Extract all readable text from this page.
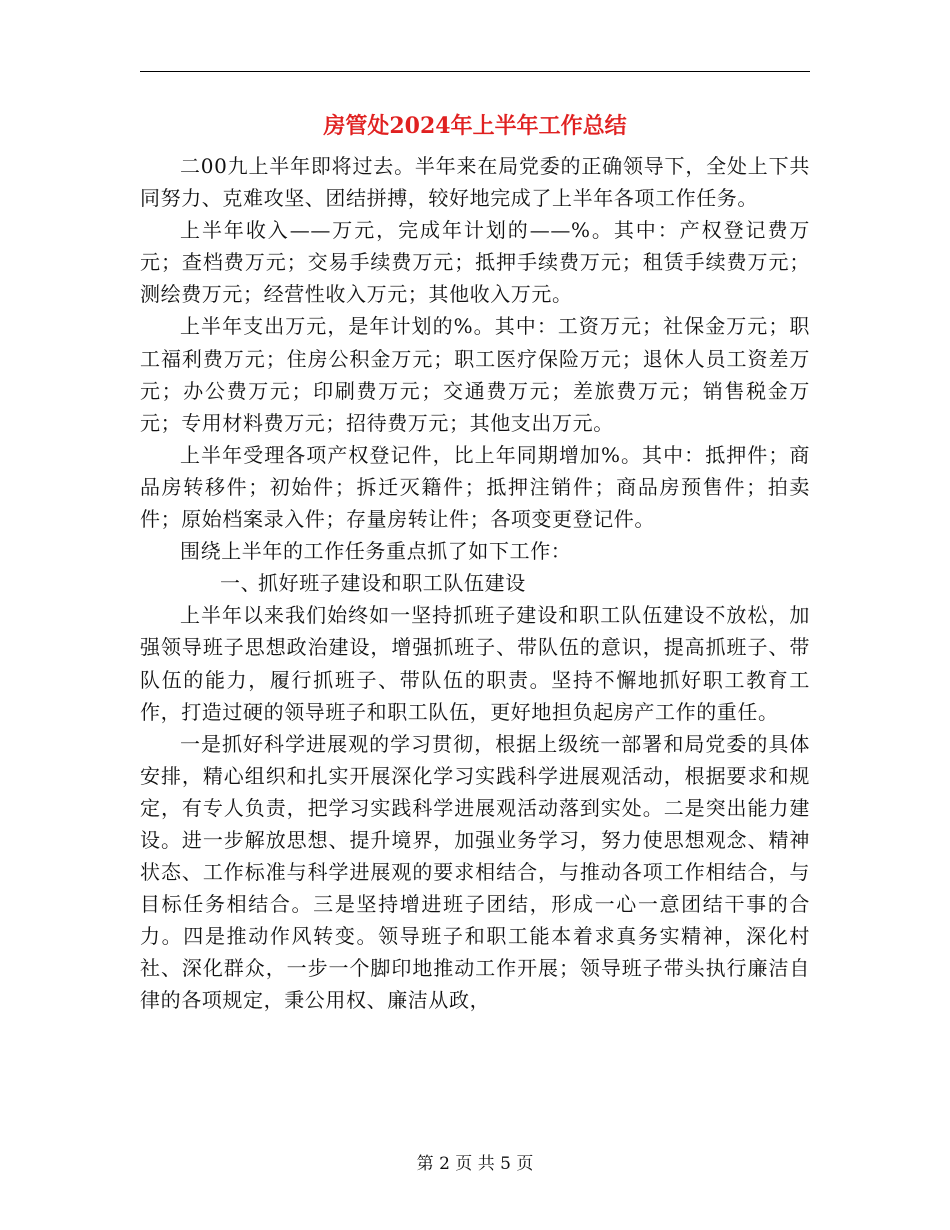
房管处2024年上半年工作总结

二00九上半年即将过去。半年来在局党委的正确领导下，全处上下共同努力、克难攻坚、团结拼搏，较好地完成了上半年各项工作任务。

上半年收入——万元，完成年计划的——%。其中：产权登记费万元；查档费万元；交易手续费万元；抵押手续费万元；租赁手续费万元；测绘费万元；经营性收入万元；其他收入万元。

上半年支出万元，是年计划的%。其中：工资万元；社保金万元；职工福利费万元；住房公积金万元；职工医疗保险万元；退休人员工资差万元；办公费万元；印刷费万元；交通费万元；差旅费万元；销售税金万元；专用材料费万元；招待费万元；其他支出万元。

上半年受理各项产权登记件，比上年同期增加%。其中：抵押件；商品房转移件；初始件；拆迁灭籍件；抵押注销件；商品房预售件；拍卖件；原始档案录入件；存量房转让件；各项变更登记件。

围绕上半年的工作任务重点抓了如下工作：

一、抓好班子建设和职工队伍建设

上半年以来我们始终如一坚持抓班子建设和职工队伍建设不放松，加强领导班子思想政治建设，增强抓班子、带队伍的意识，提高抓班子、带队伍的能力，履行抓班子、带队伍的职责。坚持不懈地抓好职工教育工作，打造过硬的领导班子和职工队伍，更好地担负起房产工作的重任。

一是抓好科学进展观的学习贯彻，根据上级统一部署和局党委的具体安排，精心组织和扎实开展深化学习实践科学进展观活动，根据要求和规定，有专人负责，把学习实践科学进展观活动落到实处。二是突出能力建设。进一步解放思想、提升境界，加强业务学习，努力使思想观念、精神状态、工作标准与科学进展观的要求相结合，与推动各项工作相结合，与目标任务相结合。三是坚持增进班子团结，形成一心一意团结干事的合力。四是推动作风转变。领导班子和职工能本着求真务实精神，深化村社、深化群众，一步一个脚印地推动工作开展；领导班子带头执行廉洁自律的各项规定，秉公用权、廉洁从政，

第 2 页 共 5 页
